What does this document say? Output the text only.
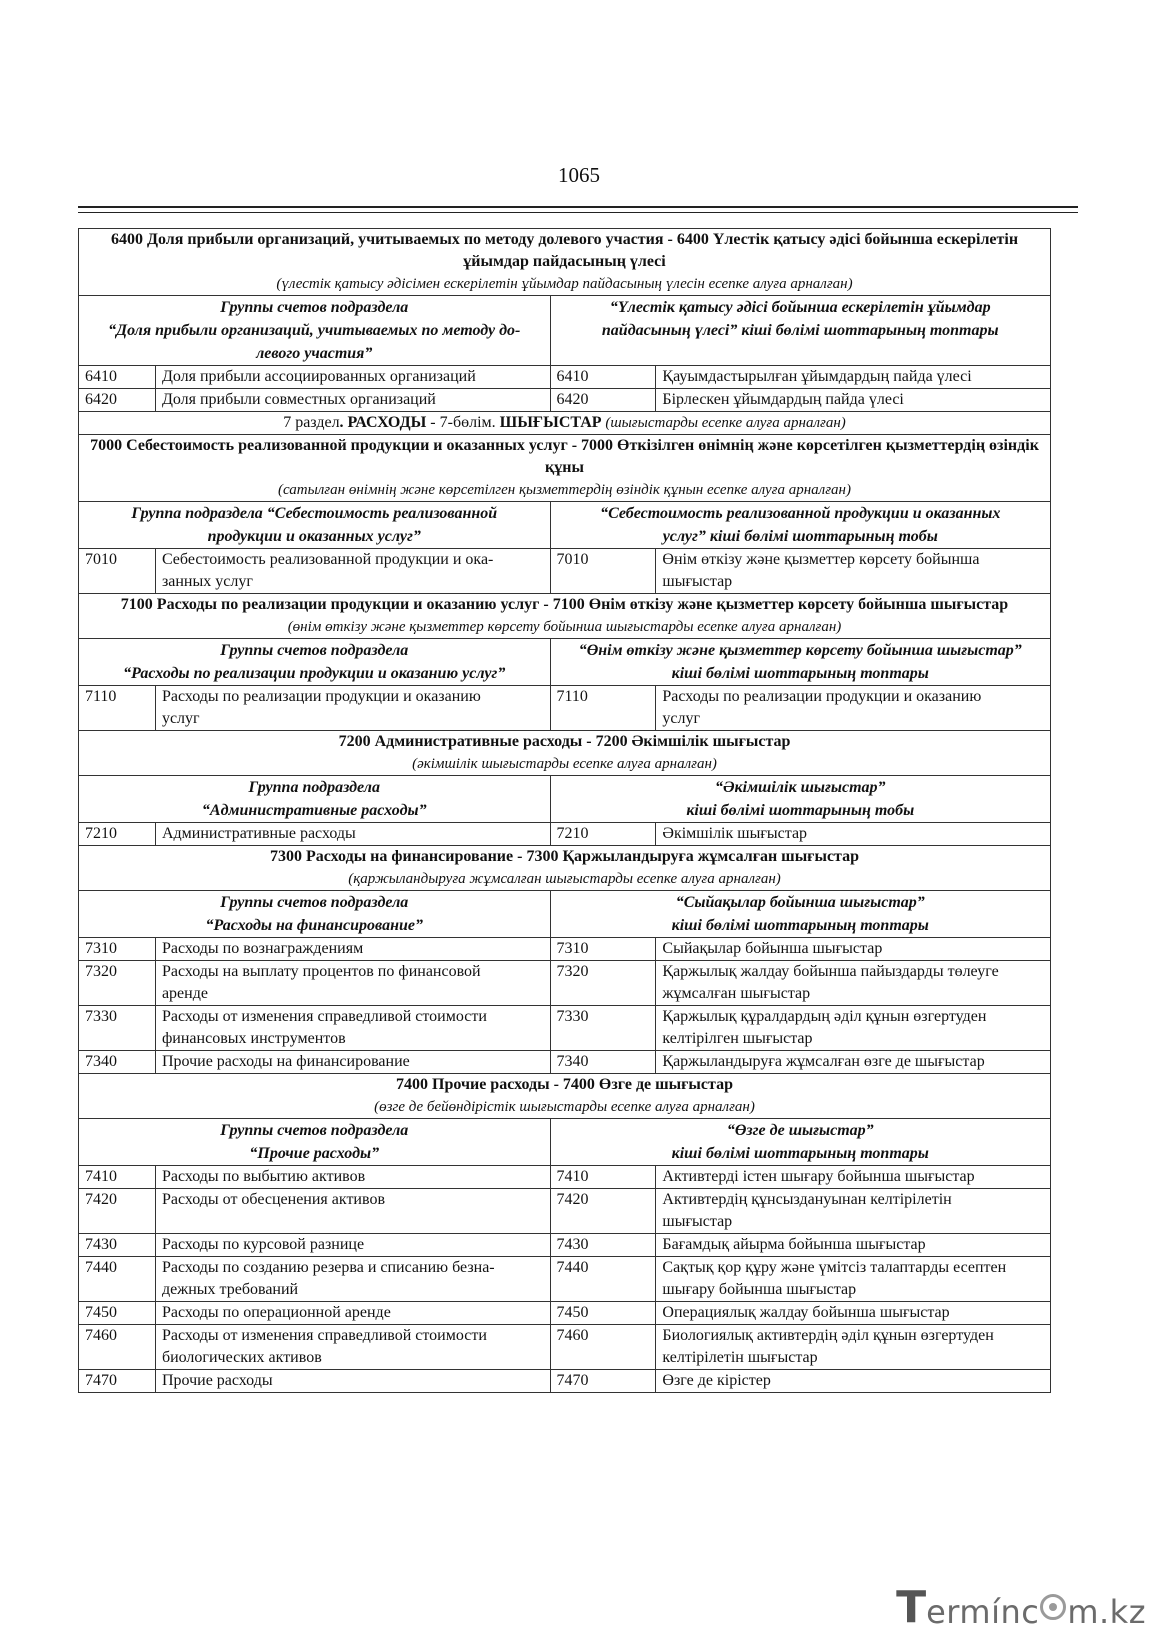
1065
6400 Доля прибыли организаций, учитываемых по методу долевого участия - 6400 Үлестік қатысу әдісі бойынша ескерілетін ұйымдар пайдасының үлесі
(үлестік қатысу әдісімен ескерілетін ұйымдар пайдасының үлесін есепке алуға арналған)			
Группы счетов подраздела
“Доля прибыли организаций, учитываемых по методу до-
левого участия”		“Үлестік қатысу әдісі бойынша ескерілетін ұйымдар
пайдасының үлесі” кіші бөлімі шоттарының топтары	
6410	Доля прибыли ассоциированных организаций	6410	Қауымдастырылған ұйымдардың пайда үлесі
6420	Доля прибыли совместных организаций	6420	Бірлескен ұйымдардың пайда үлесі
7 раздел. РАСХОДЫ - 7-бөлім. ШЫҒЫСТАР (шығыстарды есепке алуға арналған)			
7000 Себестоимость реализованной продукции и оказанных услуг - 7000 Өткізілген өнімнің және көрсетілген қызметтердің өзіндік құны
(сатылған өнімнің және көрсетілген қызметтердің өзіндік құнын есепке алуға арналған)			
Группа подраздела “Себестоимость реализованной
продукции и оказанных услуг”		“Себестоимость реализованной продукции и оказанных
услуг” кіші бөлімі шоттарының тобы	
7010	Себестоимость реализованной продукции и ока-
занных услуг	7010	Өнім өткізу және қызметтер көрсету бойынша
шығыстар
7100 Расходы по реализации продукции и оказанию услуг - 7100 Өнім өткізу және қызметтер көрсету бойынша шығыстар
(өнім өткізу және қызметтер көрсету бойынша шығыстарды есепке алуға арналған)			
Группы счетов подраздела
“Расходы по реализации продукции и оказанию услуг”		“Өнім өткізу және қызметтер көрсету бойынша шығыстар”
кіші бөлімі шоттарының топтары	
7110	Расходы по реализации продукции и оказанию
услуг	7110	Расходы по реализации продукции и оказанию
услуг
7200 Административные расходы - 7200 Әкімшілік шығыстар
(әкімшілік шығыстарды есепке алуға арналған)			
Группа подраздела
“Административные расходы”		“Әкімшілік шығыстар”
кіші бөлімі шоттарының тобы	
7210	Административные расходы	7210	Әкімшілік шығыстар
7300 Расходы на финансирование - 7300 Қаржыландыруға жұмсалған шығыстар
(қаржыландыруға жұмсалған шығыстарды есепке алуға арналған)			
Группы счетов подраздела
“Расходы на финансирование”		“Сыйақылар бойынша шығыстар”
кіші бөлімі шоттарының топтары	
7310	Расходы по вознаграждениям	7310	Сыйақылар бойынша шығыстар
7320	Расходы на выплату процентов по финансовой
аренде	7320	Қаржылық жалдау бойынша пайыздарды төлеуге
жұмсалған шығыстар
7330	Расходы от изменения справедливой стоимости
финансовых инструментов	7330	Қаржылық құралдардың әділ құнын өзгертуден
келтірілген шығыстар
7340	Прочие расходы на финансирование	7340	Қаржыландыруға жұмсалған өзге де шығыстар
7400 Прочие расходы - 7400 Өзге де шығыстар
(өзге де бейөндірістік шығыстарды есепке алуға арналған)			
Группы счетов подраздела
“Прочие расходы”		“Өзге де шығыстар”
кіші бөлімі шоттарының топтары	
7410	Расходы по выбытию активов	7410	Активтерді істен шығару бойынша шығыстар
7420	Расходы от обесценения активов	7420	Активтердің құнсыздануынан келтірілетін
шығыстар
7430	Расходы по курсовой разнице	7430	Бағамдық айырма бойынша шығыстар
7440	Расходы по созданию резерва и списанию безна-
дежных требований	7440	Сақтық қор құру және үмітсіз талаптарды есептен
шығару бойынша шығыстар
7450	Расходы по операционной аренде	7450	Операциялық жалдау бойынша шығыстар
7460	Расходы от изменения справедливой стоимости
биологических активов	7460	Биологиялық активтердің әділ құнын өзгертуден
келтірілетін шығыстар
7470	Прочие расходы	7470	Өзге де кірістер
T ermínc m.kz
